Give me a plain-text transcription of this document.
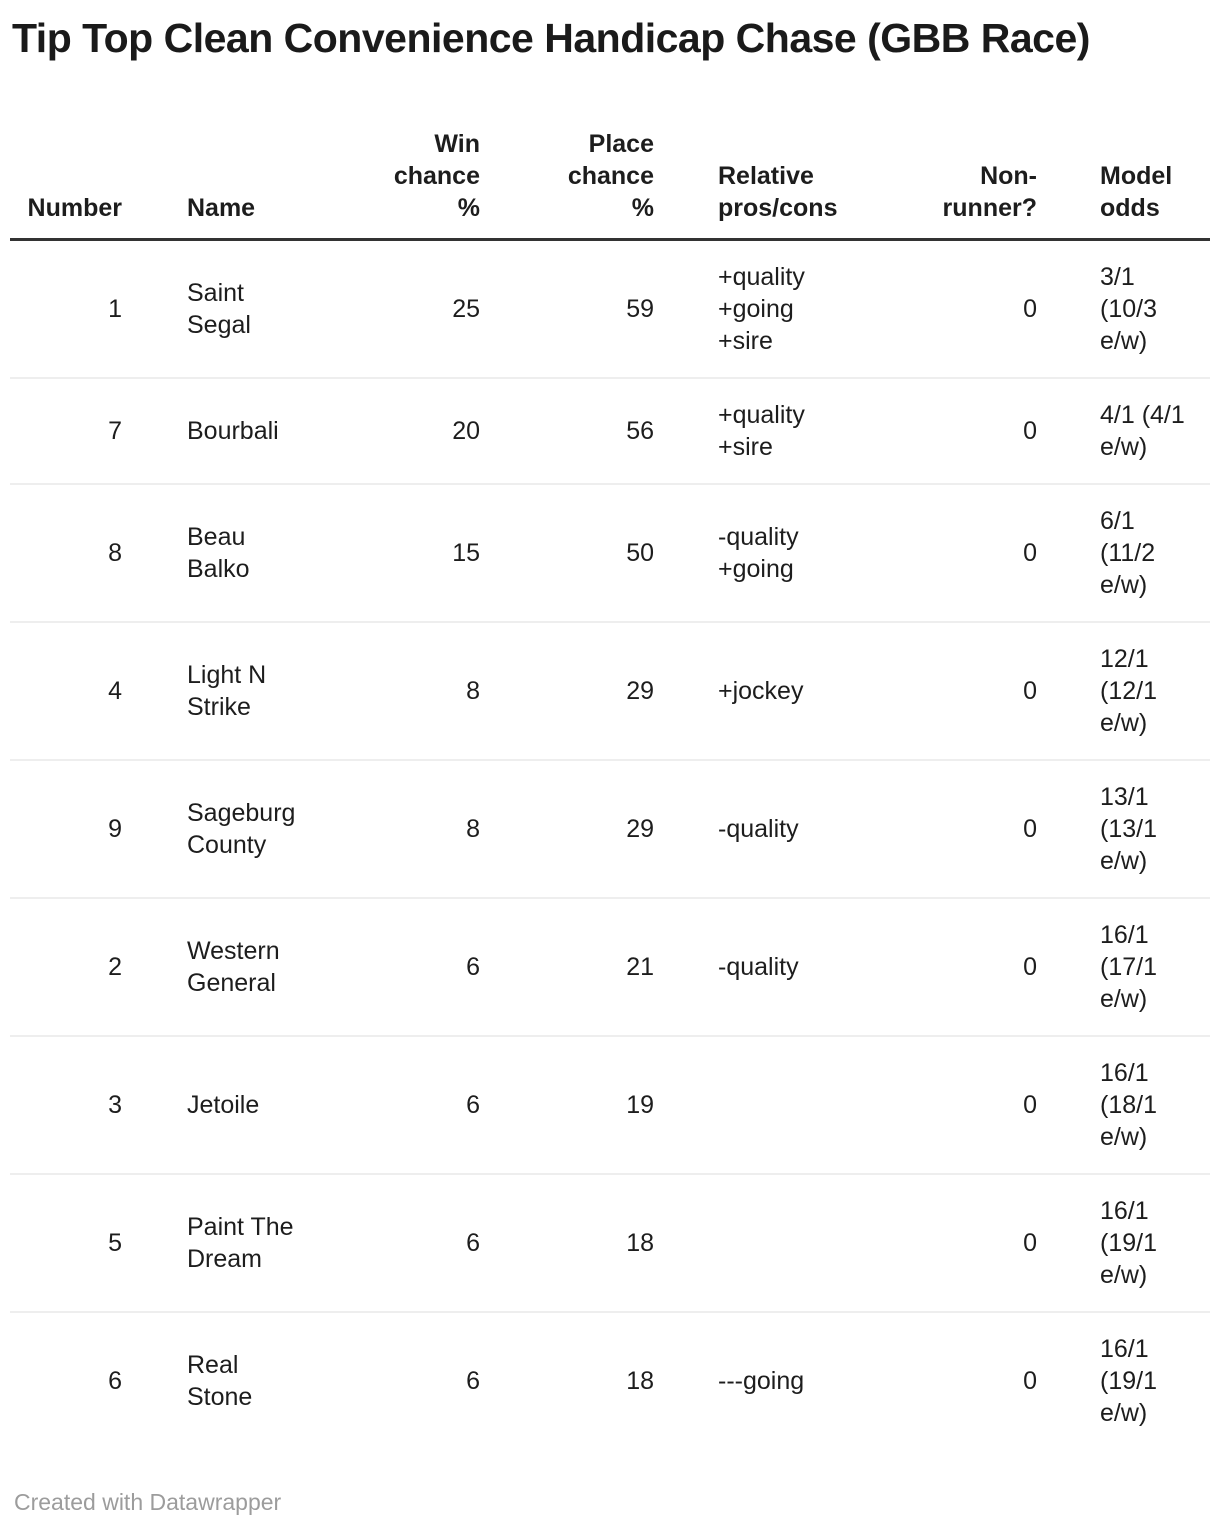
Tip Top Clean Convenience Handicap Chase (GBB Race)
Number	Name	Win chance %	Place chance %	Relative pros/cons	Non-runner?	Model odds
1	Saint Segal	25	59	+quality +going +sire	0	3/1 (10/3 e/w)
7	Bourbali	20	56	+quality +sire	0	4/1 (4/1 e/w)
8	Beau Balko	15	50	-quality +going	0	6/1 (11/2 e/w)
4	Light N Strike	8	29	+jockey	0	12/1 (12/1 e/w)
9	Sageburg County	8	29	-quality	0	13/1 (13/1 e/w)
2	Western General	6	21	-quality	0	16/1 (17/1 e/w)
3	Jetoile	6	19		0	16/1 (18/1 e/w)
5	Paint The Dream	6	18		0	16/1 (19/1 e/w)
6	Real Stone	6	18	---going	0	16/1 (19/1 e/w)
Created with Datawrapper
